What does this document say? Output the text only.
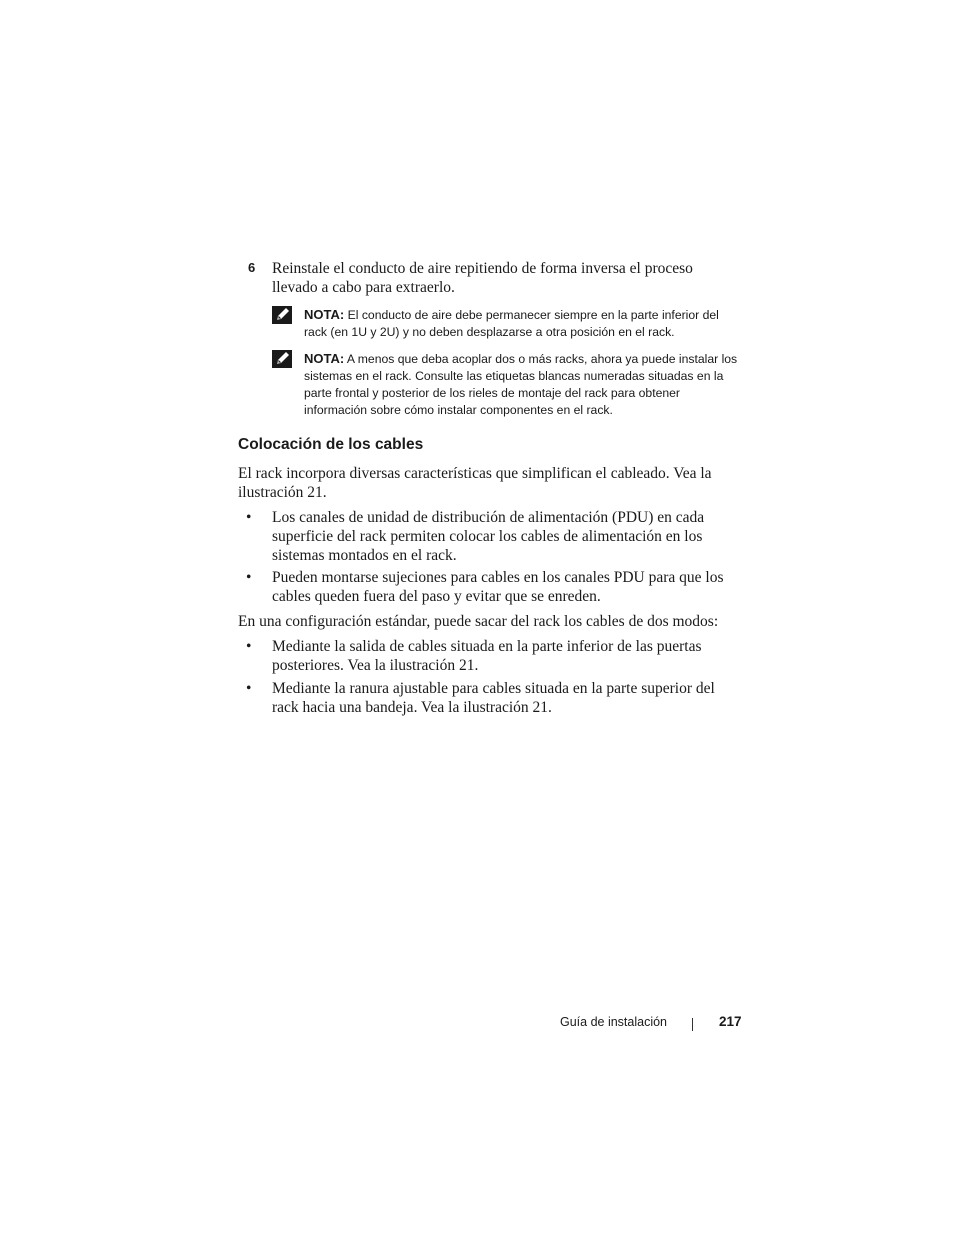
6 Reinstale el conducto de aire repitiendo de forma inversa el proceso llevado a cabo para extraerlo.
NOTA: El conducto de aire debe permanecer siempre en la parte inferior del rack (en 1U y 2U) y no deben desplazarse a otra posición en el rack.
NOTA: A menos que deba acoplar dos o más racks, ahora ya puede instalar los sistemas en el rack. Consulte las etiquetas blancas numeradas situadas en la parte frontal y posterior de los rieles de montaje del rack para obtener información sobre cómo instalar componentes en el rack.
Colocación de los cables
El rack incorpora diversas características que simplifican el cableado. Vea la ilustración 21.
• Los canales de unidad de distribución de alimentación (PDU) en cada superficie del rack permiten colocar los cables de alimentación en los sistemas montados en el rack.
• Pueden montarse sujeciones para cables en los canales PDU para que los cables queden fuera del paso y evitar que se enreden.
En una configuración estándar, puede sacar del rack los cables de dos modos:
• Mediante la salida de cables situada en la parte inferior de las puertas posteriores. Vea la ilustración 21.
• Mediante la ranura ajustable para cables situada en la parte superior del rack hacia una bandeja. Vea la ilustración 21.
Guía de instalación	217
